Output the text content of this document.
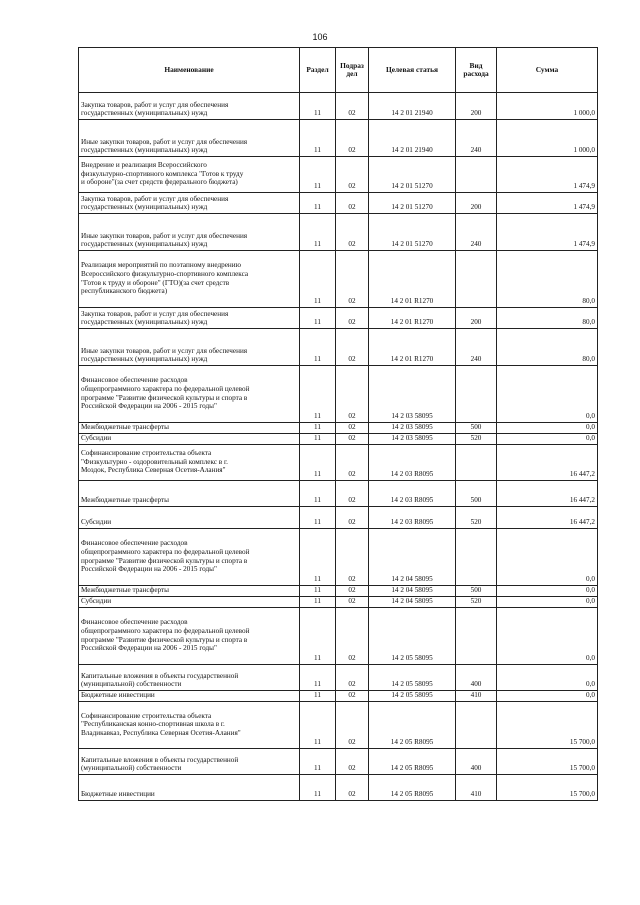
106
Наименование	Раздел	Подраз дел	Целевая статья	Вид расхода	Сумма
Закупка товаров, работ и услуг для обеспечения
государственных (муниципальных) нужд	11	02	14 2 01 21940	200	1 000,0
Иные закупки товаров, работ и услуг для обеспечения
государственных (муниципальных) нужд	11	02	14 2 01 21940	240	1 000,0
Внедрение и реализация Всероссийского
физкультурно-спортивного комплекса "Готов к труду
и обороне"(за счет средств федерального бюджета)	11	02	14 2 01 51270		1 474,9
Закупка товаров, работ и услуг для обеспечения
государственных (муниципальных) нужд	11	02	14 2 01 51270	200	1 474,9
Иные закупки товаров, работ и услуг для обеспечения
государственных (муниципальных) нужд	11	02	14 2 01 51270	240	1 474,9
Реализация мероприятий по поэтапному внедрению
Всероссийского физкультурно-спортивного комплекса
"Готов к труду и обороне" (ГТО)(за счет средств
республиканского бюджета)	11	02	14 2 01 R1270		80,0
Закупка товаров, работ и услуг для обеспечения
государственных (муниципальных) нужд	11	02	14 2 01 R1270	200	80,0
Иные закупки товаров, работ и услуг для обеспечения
государственных (муниципальных) нужд	11	02	14 2 01 R1270	240	80,0
Финансовое обеспечение расходов
общепрограммного характера по федеральной целевой
программе "Развитие физической культуры и спорта в
Российской Федерации на 2006 - 2015 годы"	11	02	14 2 03 58095		0,0
Межбюджетные трансферты	11	02	14 2 03 58095	500	0,0
Субсидии	11	02	14 2 03 58095	520	0,0
Софинансирование строительства объекта
"Физкультурно - оздоровительный комплекс в г.
Моздок, Республика Северная Осетия-Алания"	11	02	14 2 03 R8095		16 447,2
Межбюджетные трансферты	11	02	14 2 03 R8095	500	16 447,2
Субсидии	11	02	14 2 03 R8095	520	16 447,2
Финансовое обеспечение расходов
общепрограммного характера по федеральной целевой
программе "Развитие физической культуры и спорта в
Российской Федерации на 2006 - 2015 годы"	11	02	14 2 04 58095		0,0
Межбюджетные трансферты	11	02	14 2 04 58095	500	0,0
Субсидии	11	02	14 2 04 58095	520	0,0
Финансовое обеспечение расходов
общепрограммного характера по федеральной целевой
программе "Развитие физической культуры и спорта в
Российской Федерации на 2006 - 2015 годы"	11	02	14 2 05 58095		0,0
Капитальные вложения в объекты государственной
(муниципальной) собственности	11	02	14 2 05 58095	400	0,0
Бюджетные инвестиции	11	02	14 2 05 58095	410	0,0
Софинансирование строительства объекта
"Республиканская конно-спортивная школа в г.
Владикавказ, Республика Северная Осетия-Алания"	11	02	14 2 05 R8095		15 700,0
Капитальные вложения в объекты государственной
(муниципальной) собственности	11	02	14 2 05 R8095	400	15 700,0
Бюджетные инвестиции	11	02	14 2 05 R8095	410	15 700,0
